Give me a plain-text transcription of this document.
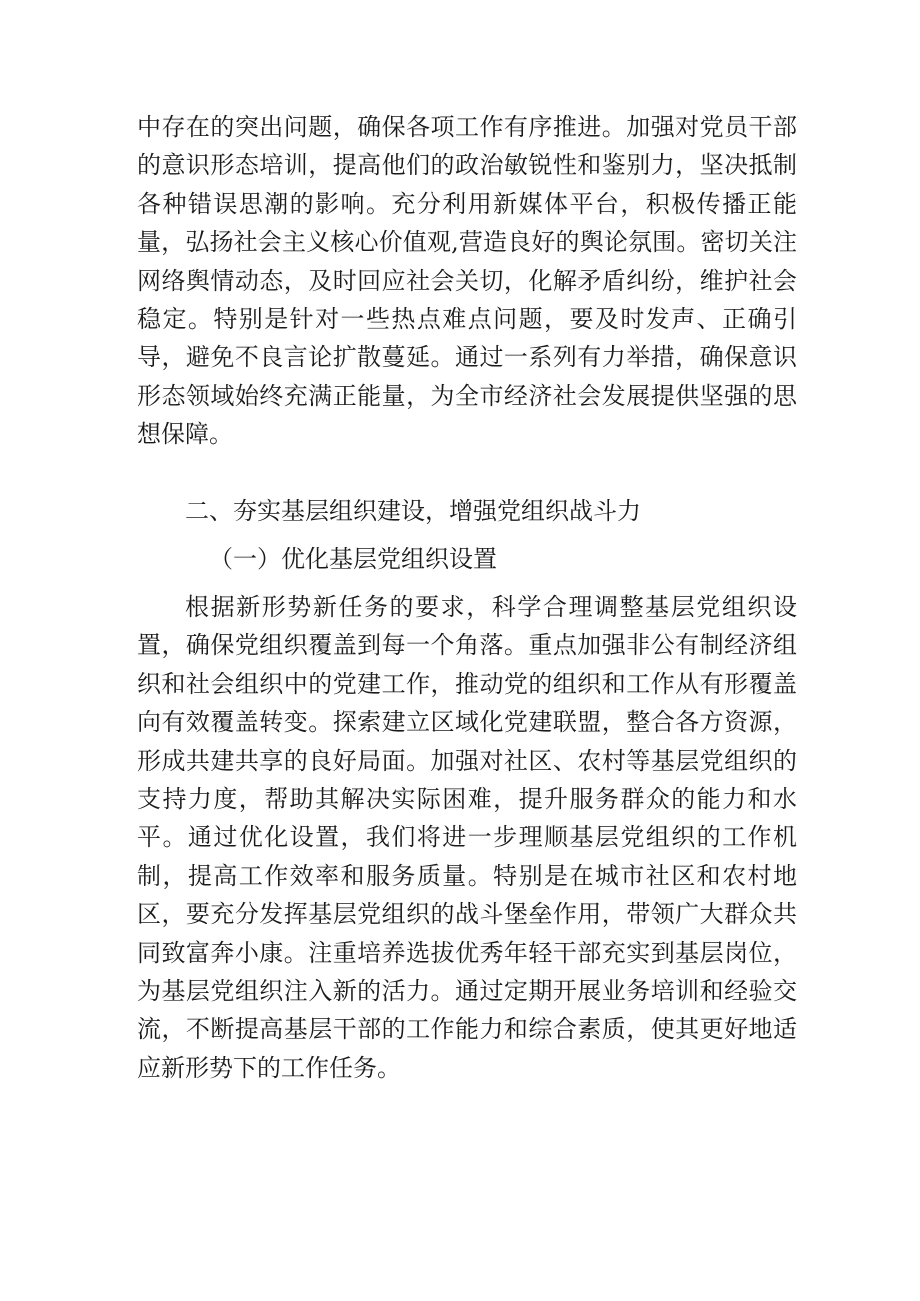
中存在的突出问题，确保各项工作有序推进。加强对党员干部的意识形态培训，提高他们的政治敏锐性和鉴别力，坚决抵制各种错误思潮的影响。充分利用新媒体平台，积极传播正能量，弘扬社会主义核心价值观,营造良好的舆论氛围。密切关注网络舆情动态，及时回应社会关切，化解矛盾纠纷，维护社会稳定。特别是针对一些热点难点问题，要及时发声、正确引导，避免不良言论扩散蔓延。通过一系列有力举措，确保意识形态领域始终充满正能量，为全市经济社会发展提供坚强的思想保障。

二、夯实基层组织建设，增强党组织战斗力

（一）优化基层党组织设置

根据新形势新任务的要求，科学合理调整基层党组织设置，确保党组织覆盖到每一个角落。重点加强非公有制经济组织和社会组织中的党建工作，推动党的组织和工作从有形覆盖向有效覆盖转变。探索建立区域化党建联盟，整合各方资源，形成共建共享的良好局面。加强对社区、农村等基层党组织的支持力度，帮助其解决实际困难，提升服务群众的能力和水平。通过优化设置，我们将进一步理顺基层党组织的工作机制，提高工作效率和服务质量。特别是在城市社区和农村地区，要充分发挥基层党组织的战斗堡垒作用，带领广大群众共同致富奔小康。注重培养选拔优秀年轻干部充实到基层岗位，为基层党组织注入新的活力。通过定期开展业务培训和经验交流，不断提高基层干部的工作能力和综合素质，使其更好地适应新形势下的工作任务。
